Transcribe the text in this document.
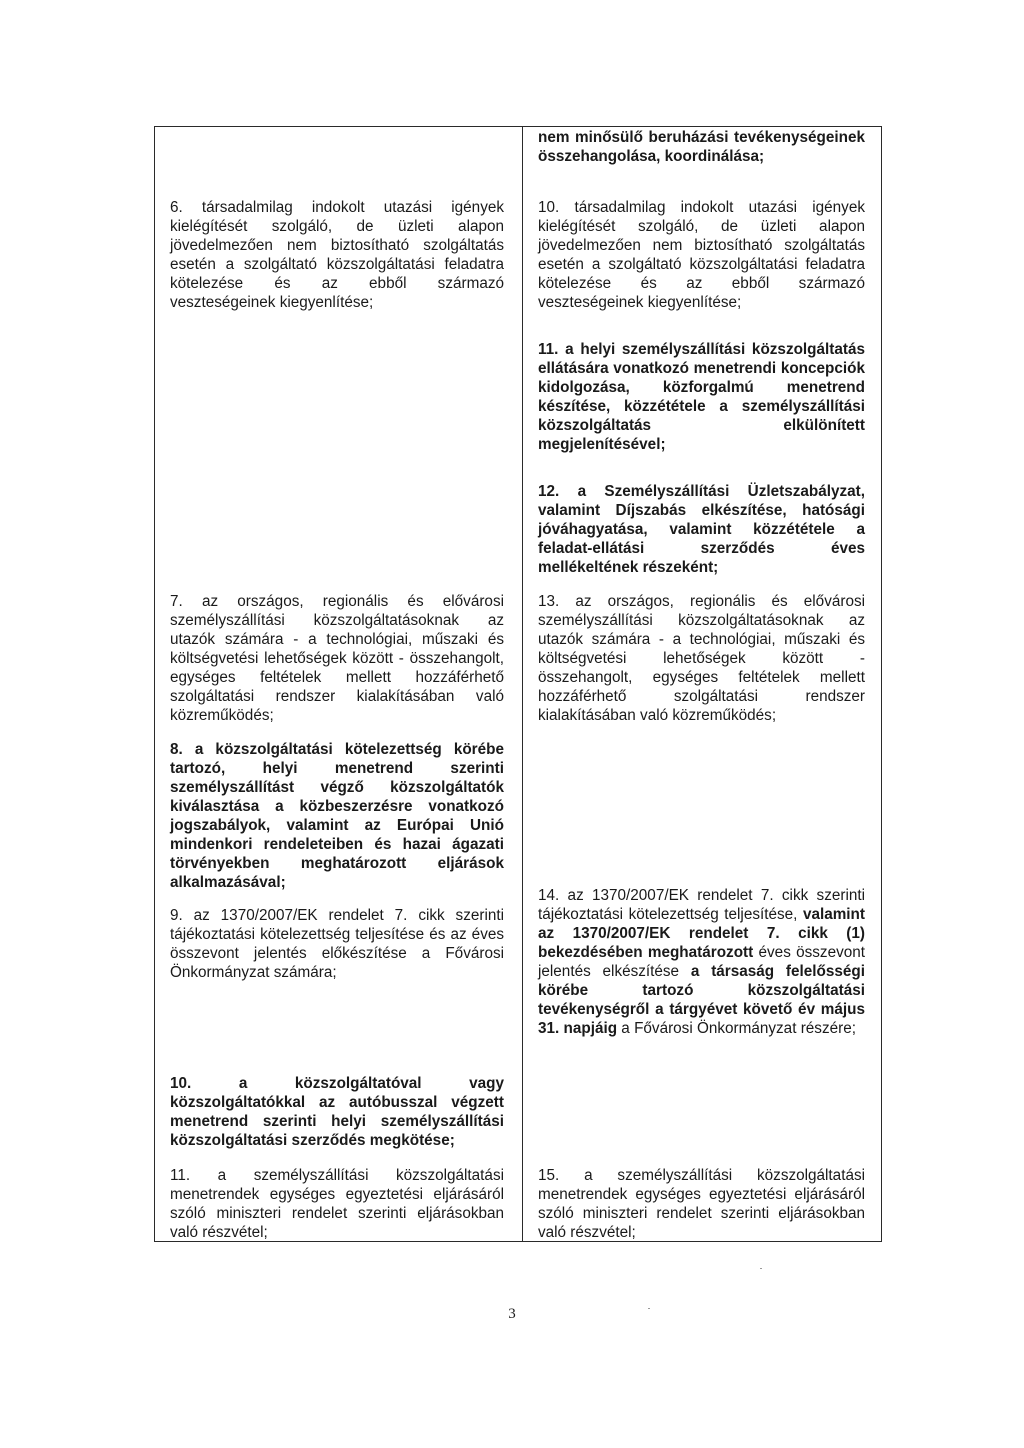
6. társadalmilag indokolt utazási igények kielégítését szolgáló, de üzleti alapon jövedelmezően nem biztosítható szolgáltatás esetén a szolgáltató közszolgáltatási feladatra kötelezése és az ebből származó veszteségeinek kiegyenlítése;

7. az országos, regionális és elővárosi személyszállítási közszolgáltatásoknak az utazók számára - a technológiai, műszaki és költségvetési lehetőségek között - összehangolt, egységes feltételek mellett hozzáférhető szolgáltatási rendszer kialakításában való közreműködés;

8. a közszolgáltatási kötelezettség körébe tartozó, helyi menetrend szerinti személyszállítást végző közszolgáltatók kiválasztása a közbeszerzésre vonatkozó jogszabályok, valamint az Európai Unió mindenkori rendeleteiben és hazai ágazati törvényekben meghatározott eljárások alkalmazásával;

9. az 1370/2007/EK rendelet 7. cikk szerinti tájékoztatási kötelezettség teljesítése és az éves összevont jelentés előkészítése a Fővárosi Önkormányzat számára;

10. a közszolgáltatóval vagy közszolgáltatókkal az autóbusszal végzett menetrend szerinti helyi személyszállítási közszolgáltatási szerződés megkötése;

11. a személyszállítási közszolgáltatási menetrendek egységes egyeztetési eljárásáról szóló miniszteri rendelet szerinti eljárásokban való részvétel;

nem minősülő beruházási tevékenységeinek összehangolása, koordinálása;

10. társadalmilag indokolt utazási igények kielégítését szolgáló, de üzleti alapon jövedelmezően nem biztosítható szolgáltatás esetén a szolgáltató közszolgáltatási feladatra kötelezése és az ebből származó veszteségeinek kiegyenlítése;

11. a helyi személyszállítási közszolgáltatás ellátására vonatkozó menetrendi koncepciók kidolgozása, közforgalmú menetrend készítése, közzététele a személyszállítási közszolgáltatás elkülönített megjelenítésével;

12. a Személyszállítási Üzletszabályzat, valamint Díjszabás elkészítése, hatósági jóváhagyatása, valamint közzététele a feladat-ellátási szerződés éves mellékeltének részeként;

13. az országos, regionális és elővárosi személyszállítási közszolgáltatásoknak az utazók számára - a technológiai, műszaki és költségvetési lehetőségek között - összehangolt, egységes feltételek mellett hozzáférhető szolgáltatási rendszer kialakításában való közreműködés;

14. az 1370/2007/EK rendelet 7. cikk szerinti tájékoztatási kötelezettség teljesítése, valamint az 1370/2007/EK rendelet 7. cikk (1) bekezdésében meghatározott éves összevont jelentés elkészítése a társaság felelősségi körébe tartozó közszolgáltatási tevékenységről a tárgyévet követő év május 31. napjáig a Fővárosi Önkormányzat részére;

15. a személyszállítási közszolgáltatási menetrendek egységes egyeztetési eljárásáról szóló miniszteri rendelet szerinti eljárásokban való részvétel;

3
